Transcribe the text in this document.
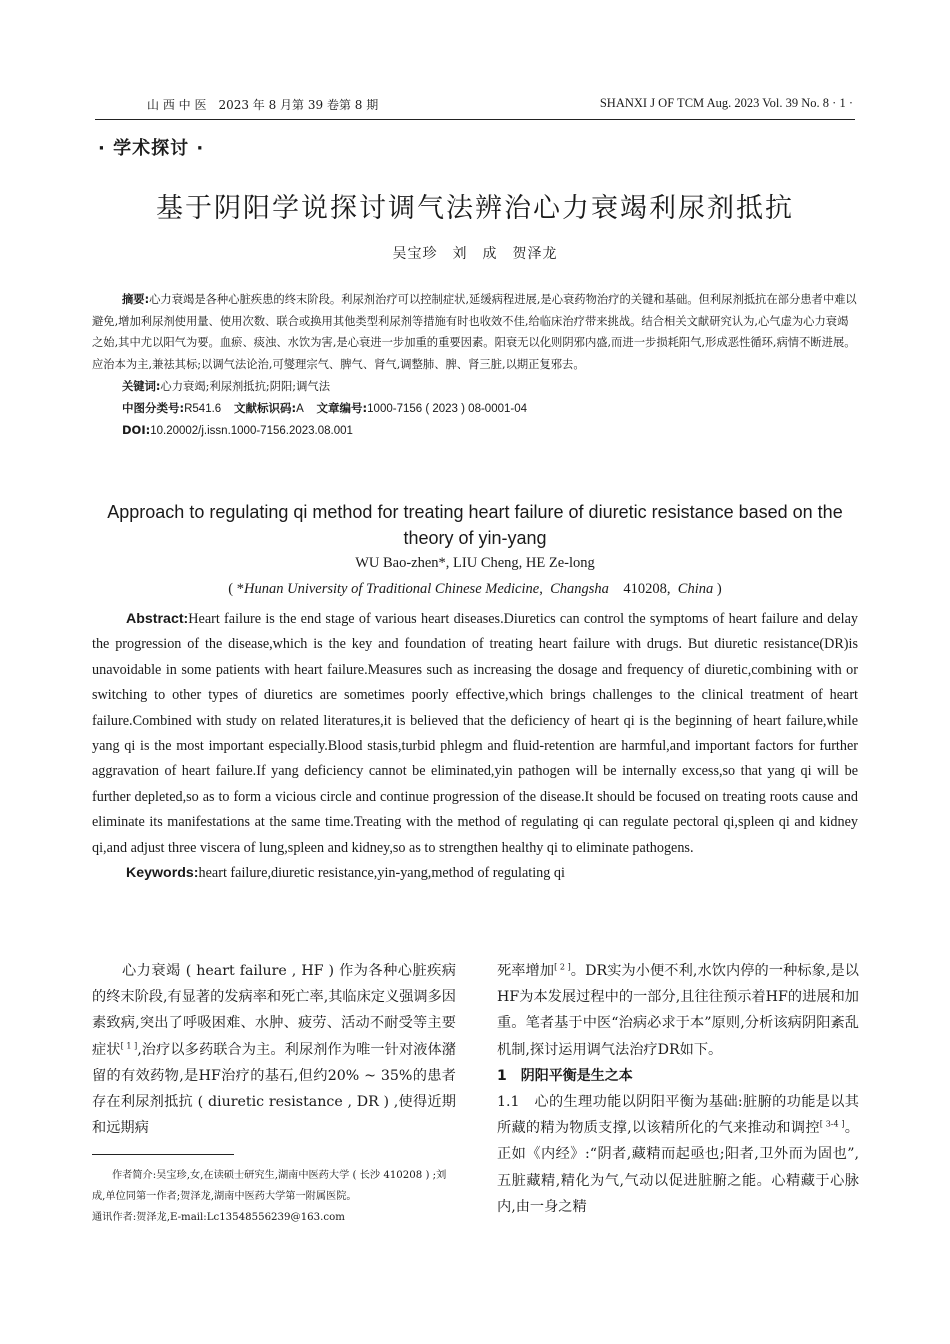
山 西 中 医　2023 年 8 月第 39 卷第 8 期	SHANXI J OF TCM Aug. 2023 Vol. 39 No. 8 · 1 ·
· 学术探讨 ·
基于阴阳学说探讨调气法辨治心力衰竭利尿剂抵抗
吴宝珍　刘　成　贺泽龙

摘要:心力衰竭是各种心脏疾患的终末阶段。利尿剂治疗可以控制症状,延缓病程进展,是心衰药物治疗的关键和基础。但利尿剂抵抗在部分患者中难以避免,增加利尿剂使用量、使用次数、联合或换用其他类型利尿剂等措施有时也收效不佳,给临床治疗带来挑战。结合相关文献研究认为,心气虚为心力衰竭之始,其中尤以阳气为要。血瘀、痰浊、水饮为害,是心衰进一步加重的重要因素。阳衰无以化则阴邪内盛,而进一步损耗阳气,形成恶性循环,病情不断进展。应治本为主,兼祛其标;以调气法论治,可燮理宗气、脾气、肾气,调整肺、脾、肾三脏,以期正复邪去。

关键词:心力衰竭;利尿剂抵抗;阴阳;调气法

中图分类号:R541.6 文献标识码:A 文章编号:1000-7156 ( 2023 ) 08-0001-04

DOI:10.20002/j.issn.1000-7156.2023.08.001

Approach to regulating qi method for treating heart failure of diuretic resistance based on the theory of yin-yang
WU Bao-zhen*, LIU Cheng, HE Ze-long
( *Hunan University of Traditional Chinese Medicine,  Changsha 410208,  China )

Abstract:Heart failure is the end stage of various heart diseases.Diuretics can control the symptoms of heart failure and delay the progression of the disease,which is the key and foundation of treating heart failure with drugs. But diuretic resistance(DR)is unavoidable in some patients with heart failure.Measures such as increasing the dosage and frequency of diuretic,combining with or switching to other types of diuretics are sometimes poorly effective,which brings challenges to the clinical treatment of heart failure.Combined with study on related literatures,it is believed that the deficiency of heart qi is the beginning of heart failure,while yang qi is the most important especially.Blood stasis,turbid phlegm and fluid-retention are harmful,and important factors for further aggravation of heart failure.If yang deficiency cannot be eliminated,yin pathogen will be internally excess,so that yang qi will be further depleted,so as to form a vicious circle and continue progression of the disease.It should be focused on treating roots cause and eliminate its manifestations at the same time.Treating with the method of regulating qi can regulate pectoral qi,spleen qi and kidney qi,and adjust three viscera of lung,spleen and kidney,so as to strengthen healthy qi to eliminate pathogens.

Keywords:heart failure,diuretic resistance,yin-yang,method of regulating qi

心力衰竭 ( heart failure , HF ) 作为各种心脏疾病的终末阶段,有显著的发病率和死亡率,其临床定义强调多因素致病,突出了呼吸困难、水肿、疲劳、活动不耐受等主要症状[ 1 ],治疗以多药联合为主。利尿剂作为唯一针对液体潴留的有效药物,是HF治疗的基石,但约20% ~ 35%的患者存在利尿剂抵抗 ( diuretic resistance , DR ) ,使得近期和远期病

作者简介:吴宝珍,女,在读硕士研究生,湖南中医药大学 ( 长沙 410208 ) ;刘成,单位同第一作者;贺泽龙,湖南中医药大学第一附属医院。

通讯作者:贺泽龙,E-mail:Lc13548556239@163.com

死率增加[ 2 ]。DR实为小便不利,水饮内停的一种标象,是以HF为本发展过程中的一部分,且往往预示着HF的进展和加重。笔者基于中医“治病必求于本”原则,分析该病阴阳紊乱机制,探讨运用调气法治疗DR如下。

1　阴阳平衡是生之本

1.1　心的生理功能以阴阳平衡为基础:脏腑的功能是以其所藏的精为物质支撑,以该精所化的气来推动和调控[ 3-4 ]。正如《内经》:“阴者,藏精而起亟也;阳者,卫外而为固也”,五脏藏精,精化为气,气动以促进脏腑之能。心精藏于心脉内,由一身之精
